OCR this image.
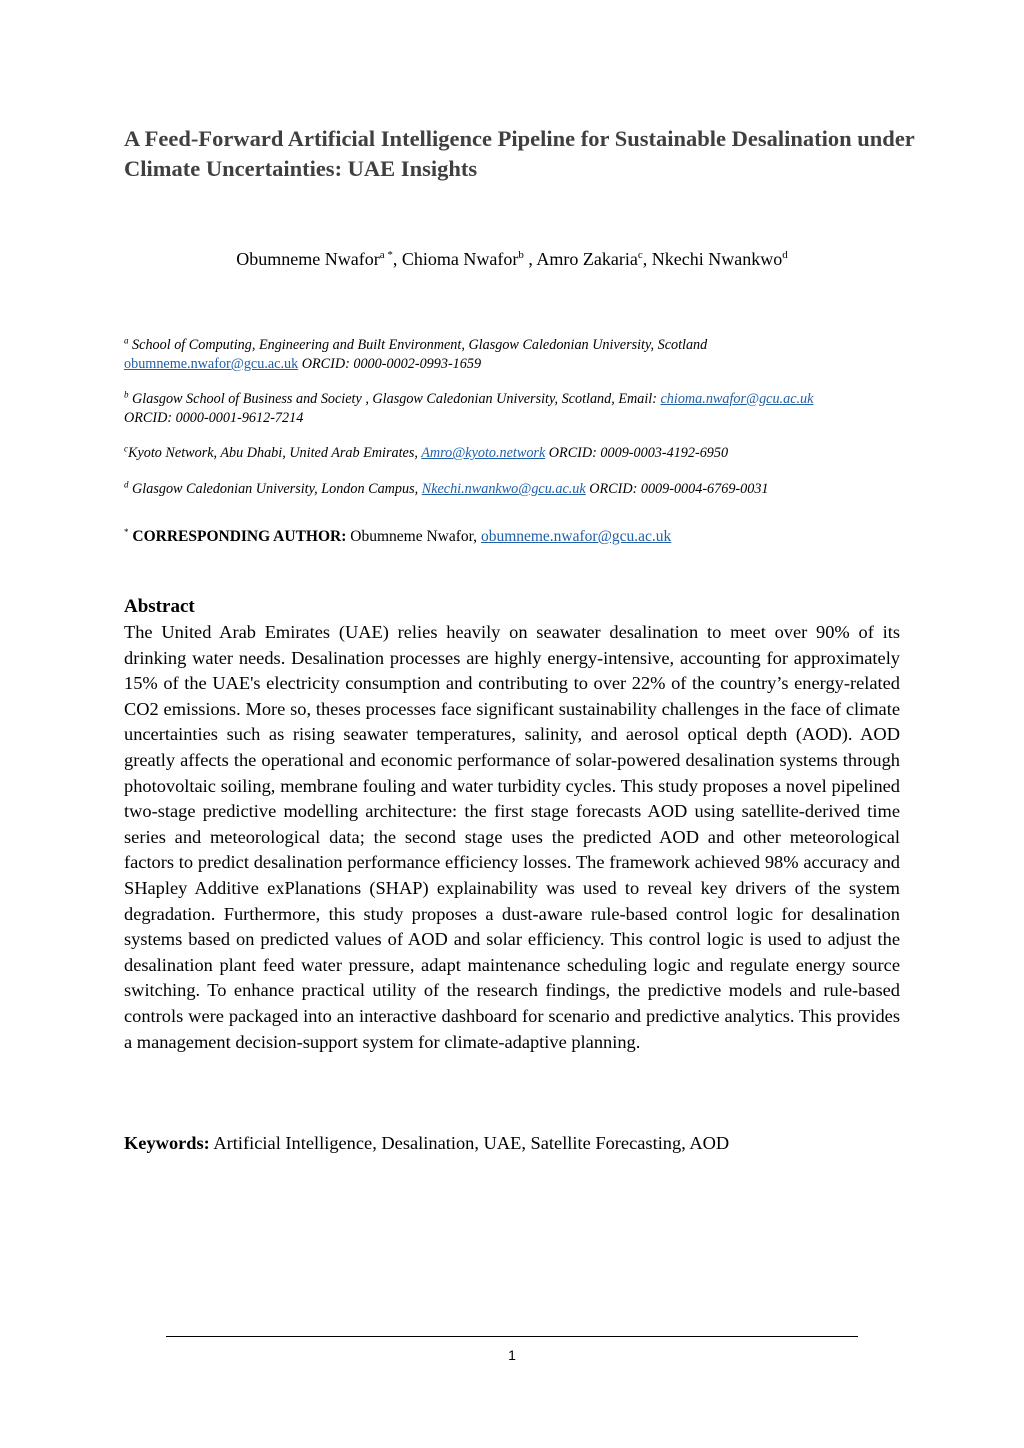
A Feed-Forward Artificial Intelligence Pipeline for Sustainable Desalination under Climate Uncertainties: UAE Insights
Obumneme Nwafor$^{a *}$, Chioma Nwafor$^b$ , Amro Zakaria$^c$, Nkechi Nwankwo$^d$
$^a$ School of Computing, Engineering and Built Environment, Glasgow Caledonian University, Scotland
obumneme.nwafor@gcu.ac.uk ORCID: 0000-0002-0993-1659
$^b$ Glasgow School of Business and Society , Glasgow Caledonian University, Scotland, Email: chioma.nwafor@gcu.ac.uk
ORCID: 0000-0001-9612-7214
$^c$Kyoto Network, Abu Dhabi, United Arab Emirates, Amro@kyoto.network ORCID: 0009-0003-4192-6950
$^d$ Glasgow Caledonian University, London Campus, Nkechi.nwankwo@gcu.ac.uk ORCID: 0009-0004-6769-0031
* CORRESPONDING AUTHOR: Obumneme Nwafor, obumneme.nwafor@gcu.ac.uk
Abstract

The United Arab Emirates (UAE) relies heavily on seawater desalination to meet over 90% of its drinking water needs. Desalination processes are highly energy-intensive, accounting for approximately 15% of the UAE's electricity consumption and contributing to over 22% of the country’s energy-related CO2 emissions. More so, theses processes face significant sustainability challenges in the face of climate uncertainties such as rising seawater temperatures, salinity, and aerosol optical depth (AOD). AOD greatly affects the operational and economic performance of solar-powered desalination systems through photovoltaic soiling, membrane fouling and water turbidity cycles. This study proposes a novel pipelined two-stage predictive modelling architecture: the first stage forecasts AOD using satellite-derived time series and meteorological data; the second stage uses the predicted AOD and other meteorological factors to predict desalination performance efficiency losses. The framework achieved 98% accuracy and SHapley Additive exPlanations (SHAP) explainability was used to reveal key drivers of the system degradation. Furthermore, this study proposes a dust-aware rule-based control logic for desalination systems based on predicted values of AOD and solar efficiency. This control logic is used to adjust the desalination plant feed water pressure, adapt maintenance scheduling logic and regulate energy source switching. To enhance practical utility of the research findings, the predictive models and rule-based controls were packaged into an interactive dashboard for scenario and predictive analytics. This provides a management decision-support system for climate-adaptive planning.

Keywords: Artificial Intelligence, Desalination, UAE, Satellite Forecasting, AOD
1
